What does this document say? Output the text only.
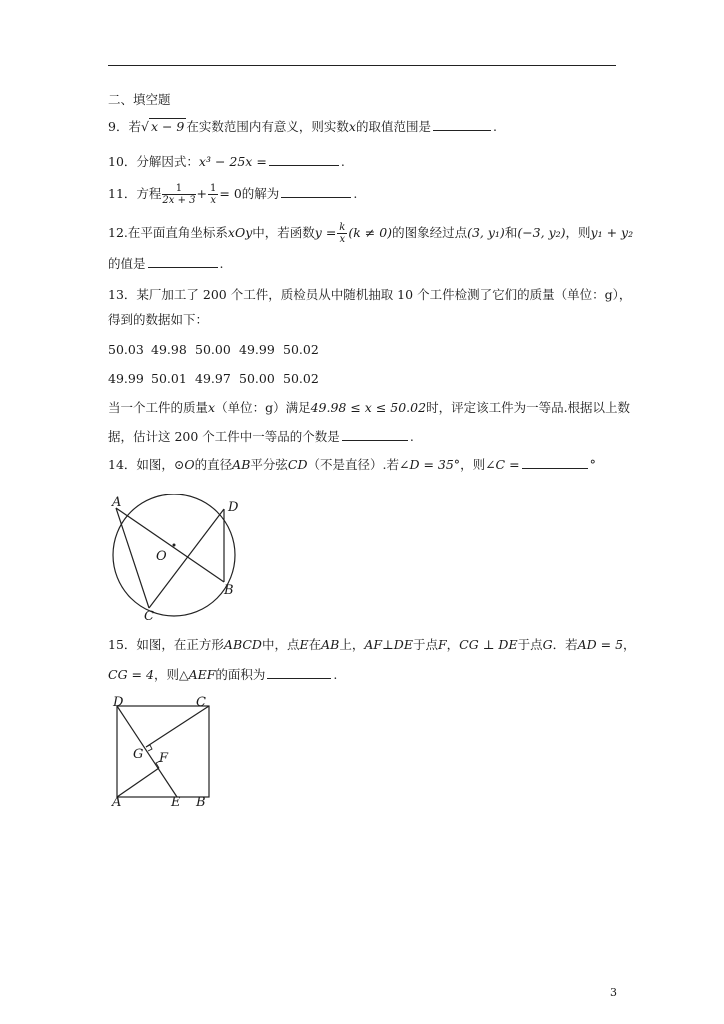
二、填空题
9．若√ x − 9 在实数范围内有意义，则实数x的取值范围是	.
10．分解因式：x³ − 25x =	.
11．方程 $\frac{1}{2x + 3} + \frac{1}{x} = 0$的解为	.
12.在平面直角坐标系xOy中，若函数$y = \frac{k}{x} (k \ne 0)$的图象经过点(3, y₁)和(−3, y₂)，则y₁ + y₂
的值是	.
13．某厂加工了 200 个工件，质检员从中随机抽取 10 个工件检测了它们的质量（单位：g），
得到的数据如下：
50.03 49.98 50.00 49.99 50.02
49.99 50.01 49.97 50.00 50.02
当一个工件的质量x（单位：g）满足49.98 ≤ x ≤ 50.02时，评定该工件为一等品.根据以上数
据，估计这 200 个工件中一等品的个数是	.
14．如图，⊙O的直径AB平分弦CD（不是直径）.若∠D = 35°，则∠C =	°
A	D
O
B
C
15．如图，在正方形ABCD中，点E在AB上，AF⊥DE于点F，CG ⊥ DE于点G．若AD = 5，
CG = 4，则△AEF的面积为	.
D	C
G F
A	E B
3
